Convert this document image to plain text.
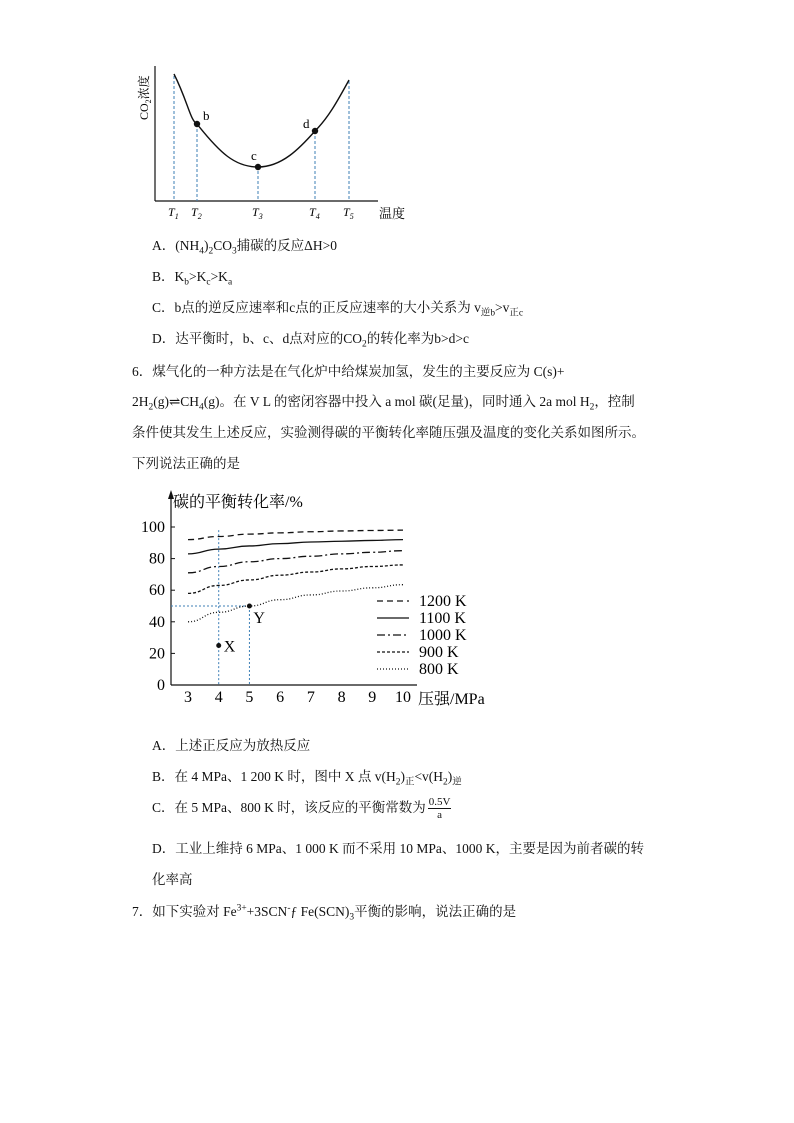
b
c
d
$T_1$ $T_2$	$T_3$	$T_4$ $T_5$ 温度
$CO_2$浓度
A．$(NH_4)_2CO_3$捕碳的反应ΔH>0
B．$K_b>K_c>K_a$
C．b点的逆反应速率和c点的正反应速率的大小关系为 $v_{逆b}>v_{正c}$
D．达平衡时，b、c、d点对应的$CO_2$的转化率为b>d>c
6．煤气化的一种方法是在气化炉中给煤炭加氢，发生的主要反应为 C(s)+
$2H_2(g)\rightleftharpoons CH_4(g)$。在 V L 的密闭容器中投入 a mol 碳(足量)，同时通入 2a mol $H_2$，控制
条件使其发生上述反应，实验测得碳的平衡转化率随压强及温度的变化关系如图所示。
下列说法正确的是
碳的平衡转化率/%
压强/MPa
0
20
40
60
80
100
3 4 5 6 7 8 9 10
X
Y
1200 K
1100 K
1000 K
900 K
800 K
A．上述正反应为放热反应
B．在 4 MPa、1 200 K 时，图中 X 点 $v(H_2)_正<v(H_2)_逆$
C．在 5 MPa、800 K 时，该反应的平衡常数为 $\frac{0.5V}{a}$
D．工业上维持 6 MPa、1 000 K 而不采用 10 MPa、1000 K，主要是因为前者碳的转
化率高
7．如下实验对 $Fe^{3+}+3SCN^-ƒ$ $Fe(SCN)_3$平衡的影响，说法正确的是
